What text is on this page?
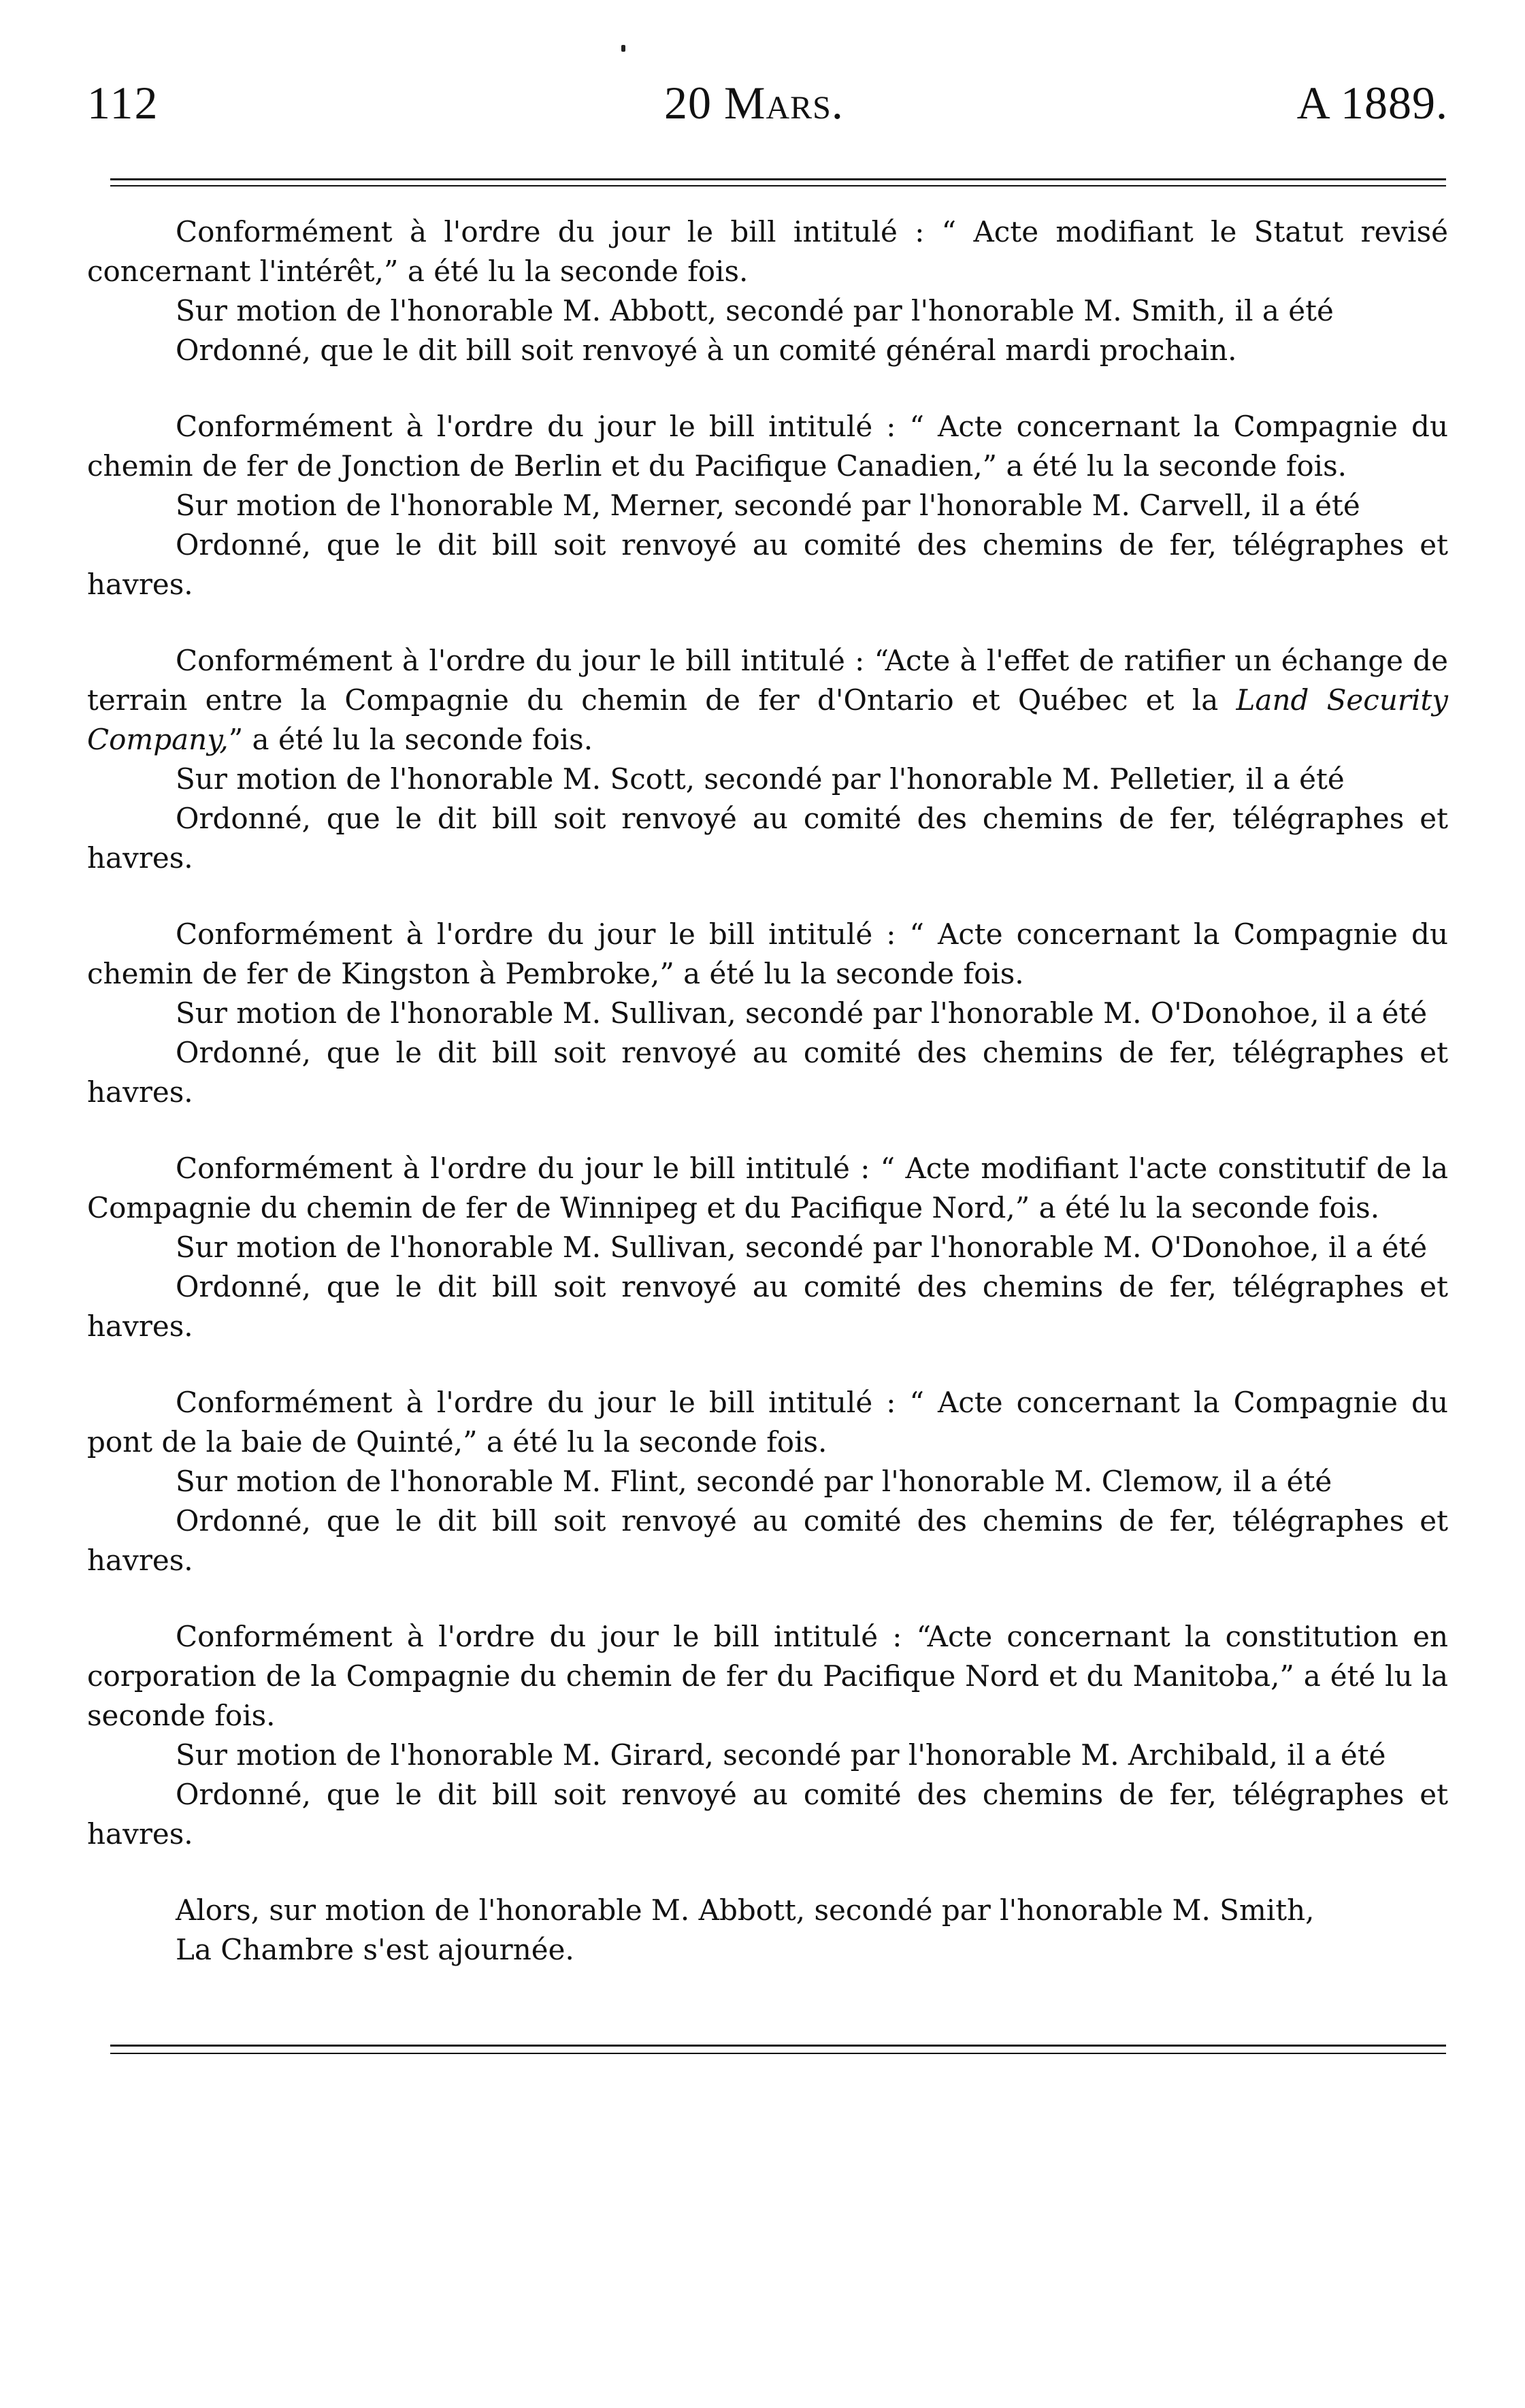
112	20 Mars.	A 1889.

Conformément à l'ordre du jour le bill intitulé : “ Acte modifiant le Statut revisé concernant l'intérêt,” a été lu la seconde fois.

Sur motion de l'honorable M. Abbott, secondé par l'honorable M. Smith, il a été

Ordonné, que le dit bill soit renvoyé à un comité général mardi prochain.

Conformément à l'ordre du jour le bill intitulé : “ Acte concernant la Compagnie du chemin de fer de Jonction de Berlin et du Pacifique Canadien,” a été lu la seconde fois.

Sur motion de l'honorable M, Merner, secondé par l'honorable M. Carvell, il a été

Ordonné, que le dit bill soit renvoyé au comité des chemins de fer, télégraphes et havres.

Conformément à l'ordre du jour le bill intitulé : “Acte à l'effet de ratifier un échange de terrain entre la Compagnie du chemin de fer d'Ontario et Québec et la Land Security Company,” a été lu la seconde fois.

Sur motion de l'honorable M. Scott, secondé par l'honorable M. Pelletier, il a été

Ordonné, que le dit bill soit renvoyé au comité des chemins de fer, télégraphes et havres.

Conformément à l'ordre du jour le bill intitulé : “ Acte concernant la Compagnie du chemin de fer de Kingston à Pembroke,” a été lu la seconde fois.

Sur motion de l'honorable M. Sullivan, secondé par l'honorable M. O'Donohoe, il a été

Ordonné, que le dit bill soit renvoyé au comité des chemins de fer, télégraphes et havres.

Conformément à l'ordre du jour le bill intitulé : “ Acte modifiant l'acte constitutif de la Compagnie du chemin de fer de Winnipeg et du Pacifique Nord,” a été lu la seconde fois.

Sur motion de l'honorable M. Sullivan, secondé par l'honorable M. O'Donohoe, il a été

Ordonné, que le dit bill soit renvoyé au comité des chemins de fer, télégraphes et havres.

Conformément à l'ordre du jour le bill intitulé : “ Acte concernant la Compagnie du pont de la baie de Quinté,” a été lu la seconde fois.

Sur motion de l'honorable M. Flint, secondé par l'honorable M. Clemow, il a été

Ordonné, que le dit bill soit renvoyé au comité des chemins de fer, télégraphes et havres.

Conformément à l'ordre du jour le bill intitulé : “Acte concernant la constitution en corporation de la Compagnie du chemin de fer du Pacifique Nord et du Manitoba,” a été lu la seconde fois.

Sur motion de l'honorable M. Girard, secondé par l'honorable M. Archibald, il a été

Ordonné, que le dit bill soit renvoyé au comité des chemins de fer, télégraphes et havres.

Alors, sur motion de l'honorable M. Abbott, secondé par l'honorable M. Smith,

La Chambre s'est ajournée.
